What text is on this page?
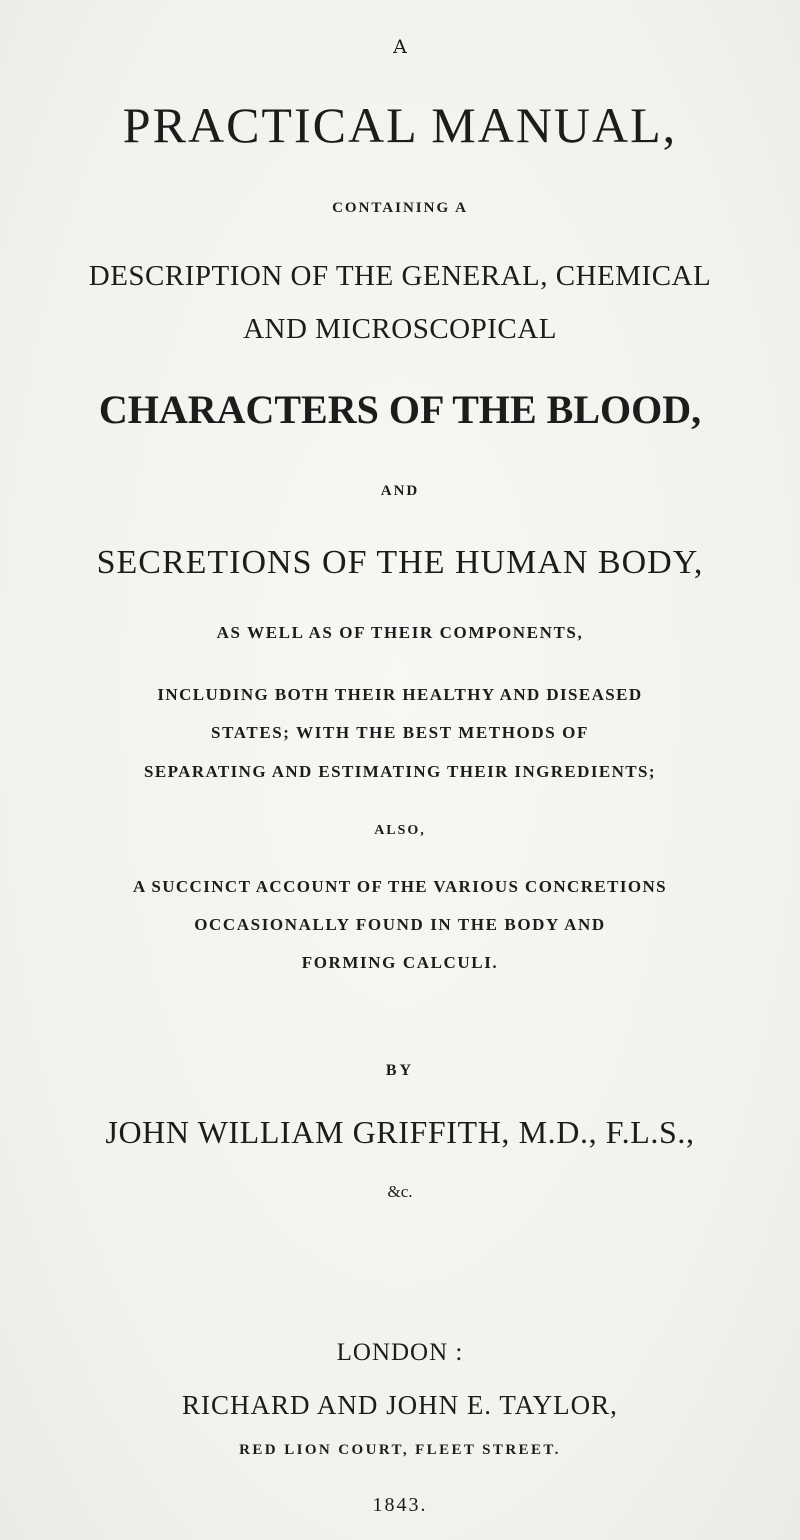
A
PRACTICAL MANUAL,
CONTAINING A
DESCRIPTION OF THE GENERAL, CHEMICAL
AND MICROSCOPICAL
CHARACTERS OF THE BLOOD,
AND
SECRETIONS OF THE HUMAN BODY,
AS WELL AS OF THEIR COMPONENTS,
INCLUDING BOTH THEIR HEALTHY AND DISEASED
STATES; WITH THE BEST METHODS OF
SEPARATING AND ESTIMATING THEIR INGREDIENTS;
ALSO,
A SUCCINCT ACCOUNT OF THE VARIOUS CONCRETIONS
OCCASIONALLY FOUND IN THE BODY AND
FORMING CALCULI.
BY
JOHN WILLIAM GRIFFITH, M.D., F.L.S.,
&c.
LONDON :
RICHARD AND JOHN E. TAYLOR,
RED LION COURT, FLEET STREET.
1843.
